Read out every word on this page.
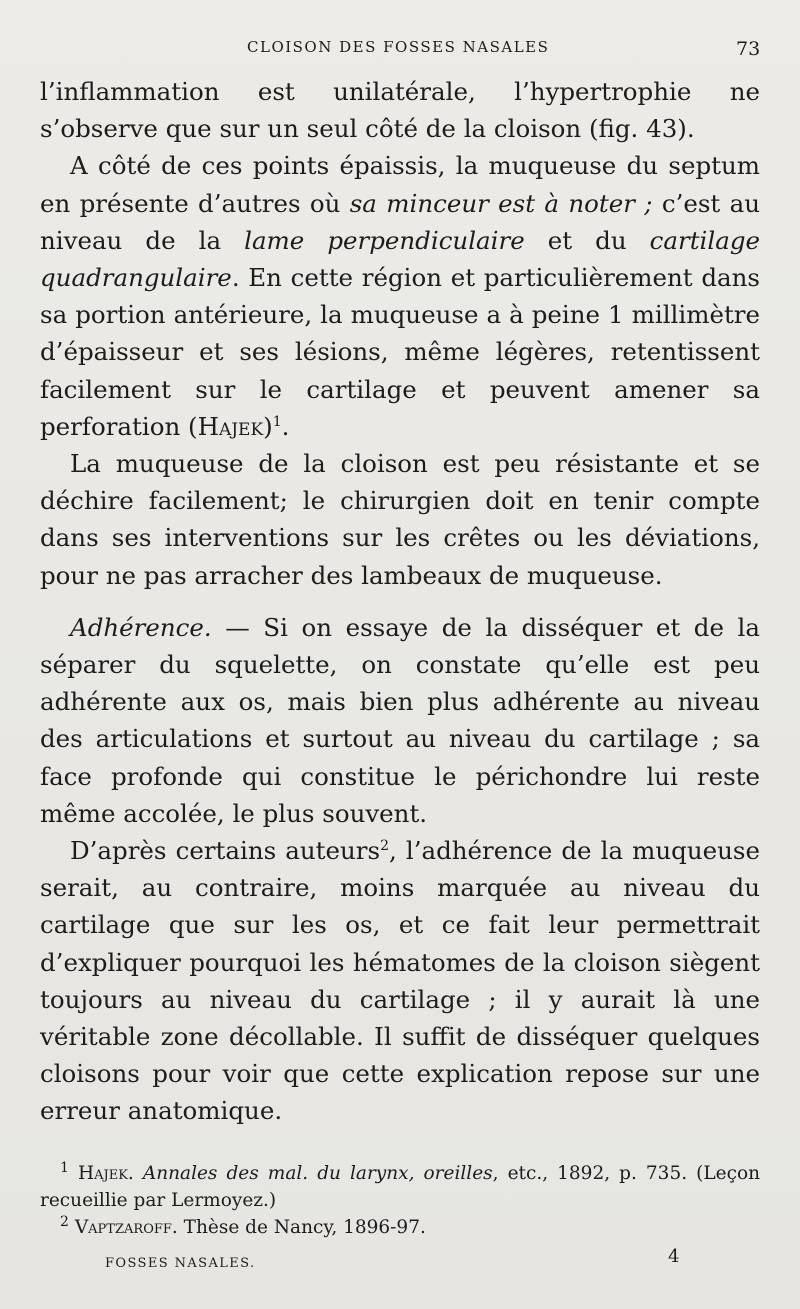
CLOISON DES FOSSES NASALES	73

l’inflammation est unilatérale, l’hypertrophie ne s’observe que sur un seul côté de la cloison (fig. 43).

A côté de ces points épaissis, la muqueuse du septum en présente d’autres où sa minceur est à noter ; c’est au niveau de la lame perpendiculaire et du cartilage quadrangulaire. En cette région et particulièrement dans sa portion antérieure, la muqueuse a à peine 1 millimètre d’épaisseur et ses lésions, même légères, retentissent facilement sur le cartilage et peuvent amener sa perforation (Hajek)$^1$.

La muqueuse de la cloison est peu résistante et se déchire facilement; le chirurgien doit en tenir compte dans ses interventions sur les crêtes ou les déviations, pour ne pas arracher des lambeaux de muqueuse.

Adhérence. — Si on essaye de la disséquer et de la séparer du squelette, on constate qu’elle est peu adhérente aux os, mais bien plus adhérente au niveau des articulations et surtout au niveau du cartilage ; sa face profonde qui constitue le périchondre lui reste même accolée, le plus souvent.

D’après certains auteurs$^2$, l’adhérence de la muqueuse serait, au contraire, moins marquée au niveau du cartilage que sur les os, et ce fait leur permettrait d’expliquer pourquoi les hématomes de la cloison siègent toujours au niveau du cartilage ; il y aurait là une véritable zone décollable. Il suffit de disséquer quelques cloisons pour voir que cette explication repose sur une erreur anatomique.

$^1$ Hajek. Annales des mal. du larynx, oreilles, etc., 1892, p. 735. (Leçon recueillie par Lermoyez.)

$^2$ Vaptzaroff. Thèse de Nancy, 1896-97.

FOSSES NASALES.	4
